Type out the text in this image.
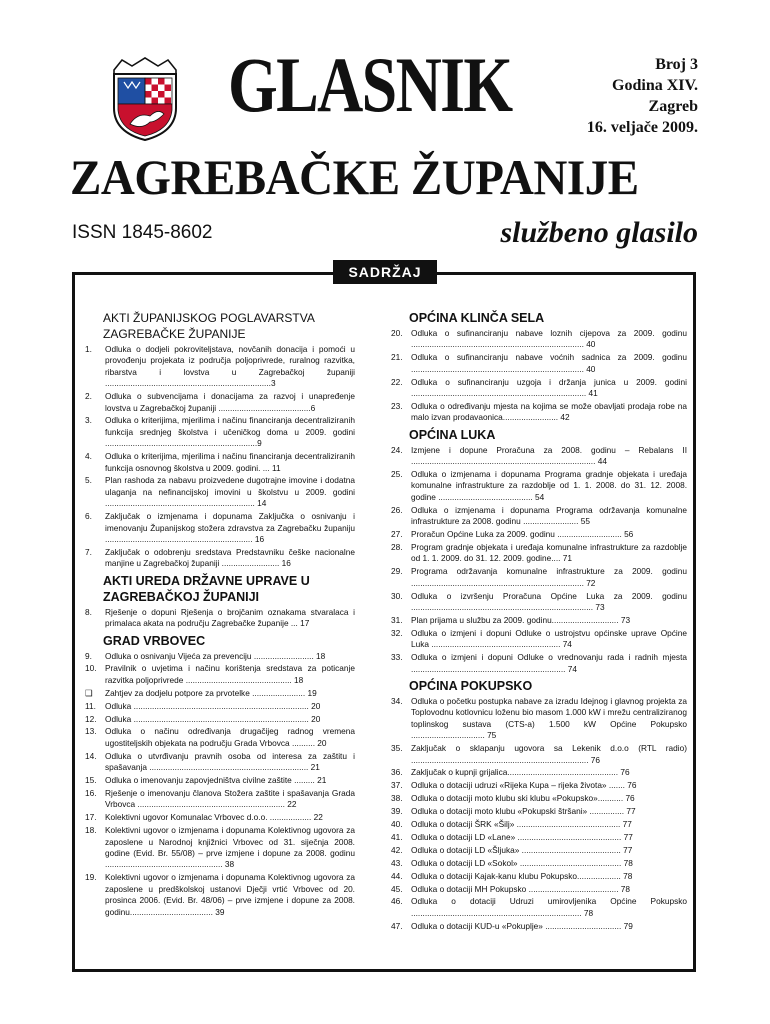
GLASNIK	Broj 3
Godina XIV.
Zagreb
16. veljače 2009.
ZAGREBAČKE ŽUPANIJE
ISSN 1845-8602	službeno glasilo
AKTI ŽUPANIJSKOG POGLAVARSTVA ZAGREBAČKE ŽUPANIJE
1.	Odluka o dodjeli pokroviteljstava, novčanih donacija i pomoći u provođenju projekata iz područja poljoprivrede, ruralnog razvitka, ribarstva i lovstva u Zagrebačkoj županiji ........................................................................3
2.	Odluka o subvencijama i donacijama za razvoj i unapređenje lovstva u Zagrebačkoj županiji ........................................6
3.	Odluka o kriterijima, mjerilima i načinu financiranja decentraliziranih funkcija srednjeg školstva i učeničkog doma u 2009. godini ..................................................................9
4.	Odluka o kriterijima, mjerilima i načinu financiranja decentraliziranih funkcija osnovnog školstva u 2009. godini. ... 11
5.	Plan rashoda za nabavu proizvedene dugotrajne imovine i dodatna ulaganja na nefinancijskoj imovini u školstvu u 2009. godini ................................................................. 14
6.	Zaključak o izmjenama i dopunama Zaključka o osnivanju i imenovanju Županijskog stožera zdravstva za Zagrebačku županiju ................................................................ 16
7.	Zaključak o odobrenju sredstava Predstavniku češke nacionalne manjine u Zagrebačkoj županiji ......................... 16
AKTI UREDA DRŽAVNE UPRAVE U ZAGREBAČKOJ ŽUPANIJI
8.	Rješenje o dopuni Rješenja o brojčanim oznakama stvaralaca i primalaca akata na području Zagrebačke županije ... 17
GRAD VRBOVEC
9.	Odluka o osnivanju Vijeća za prevenciju .......................... 18
10.	Pravilnik o uvjetima i načinu korištenja sredstava za poticanje razvitka poljoprivrede .............................................. 18
❑	Zahtjev za dodjelu potpore za prvotelke ....................... 19
11.	Odluka ............................................................................ 20
12.	Odluka ............................................................................ 20
13.	Odluka o načinu određivanja drugačijeg radnog vremena ugostiteljskih objekata na području Grada Vrbovca .......... 20
14.	Odluka o utvrđivanju pravnih osoba od interesa za zaštitu i spašavanja ..................................................................... 21
15.	Odluka o imenovanju zapovjedništva civilne zaštite ......... 21
16.	Rješenje o imenovanju članova Stožera zaštite i spašavanja Grada Vrbovca ................................................................ 22
17.	Kolektivni ugovor Komunalac Vrbovec d.o.o. .................. 22
18.	Kolektivni ugovor o izmjenama i dopunama Kolektivnog ugovora za zaposlene u Narodnoj knjižnici Vrbovec od 31. siječnja 2008. godine (Evid. Br. 55/08) – prve izmjene i dopune za 2008. godinu ................................................... 38
19.	Kolektivni ugovor o izmjenama i dopunama Kolektivnog ugovora za zaposlene u predškolskoj ustanovi Dječji vrtić Vrbovec od 20. prosinca 2006. (Evid. Br. 48/06) – prve izmjene i dopune za 2008. godinu.................................... 39
OPĆINA KLINČA SELA
20.	Odluka o sufinanciranju nabave loznih cijepova za 2009. godinu ........................................................................... 40
21.	Odluka o sufinanciranju nabave voćnih sadnica za 2009. godinu ........................................................................... 40
22.	Odluka o sufinanciranju uzgoja i držanja junica u 2009. godini ............................................................................ 41
23.	Odluka o određivanju mjesta na kojima se može obavljati prodaja robe na malo izvan prodavaonica........................ 42
OPĆINA LUKA
24.	Izmjene i dopune Proračuna za 2008. godinu – Rebalans II ................................................................................ 44
25.	Odluka o izmjenama i dopunama Programa gradnje objekata i uređaja komunalne infrastrukture za razdoblje od 1. 1. 2008. do 31. 12. 2008. godine ......................................... 54
26.	Odluka o izmjenama i dopunama Programa održavanja komunalne infrastrukture za 2008. godinu ........................ 55
27.	Proračun Općine Luka za 2009. godinu ............................ 56
28.	Program gradnje objekata i uređaja komunalne infrastrukture za razdoblje od 1. 1. 2009. do 31. 12. 2009. godine.... 71
29.	Programa održavanja komunalne infrastrukture za 2009. godinu ........................................................................... 72
30.	Odluka o izvršenju Proračuna Općine Luka za 2009. godinu ............................................................................... 73
31.	Plan prijama u službu za 2009. godinu............................. 73
32.	Odluka o izmjeni i dopuni Odluke o ustrojstvu općinske uprave Općine Luka ........................................................ 74
33.	Odluka o izmjeni i dopuni Odluke o vrednovanju rada i radnih mjesta ................................................................... 74
OPĆINA POKUPSKO
34.	Odluka o početku postupka nabave za izradu Idejnog i glavnog projekta za Toplovodnu kotlovnicu loženu bio masom 1.000 kW i mrežu centraliziranog toplinskog sustava (CTS-a) 1.500 kW Općine Pokupsko ................................ 75
35.	Zaključak o sklapanju ugovora sa Lekenik d.o.o (RTL radio) ............................................................................. 76
36.	Zaključak o kupnji grijalica................................................ 76
37.	Odluka o dotaciji udruzi «Rijeka Kupa – rijeka života» ....... 76
38.	Odluka o dotaciji moto klubu ski klubu «Pokupsko»........... 76
39.	Odluka o dotaciji moto klubu «Pokupski štršani» ............... 77
40.	Odluka o dotaciji ŠRK «Šilj» ............................................. 77
41.	Odluka o dotaciji LD «Lane» ............................................. 77
42.	Odluka o dotaciji LD «Šljuka» ........................................... 77
43.	Odluka o dotaciji LD «Sokol» ............................................ 78
44.	Odluka o dotaciji Kajak-kanu klubu Pokupsko................... 78
45.	Odluka o dotaciji MH Pokupsko ....................................... 78
46.	Odluka o dotaciji Udruzi umirovljenika Općine Pokupsko .......................................................................... 78
47.	Odluka o dotaciji KUD-u «Pokuplje» ................................. 79
SADRŽAJ
